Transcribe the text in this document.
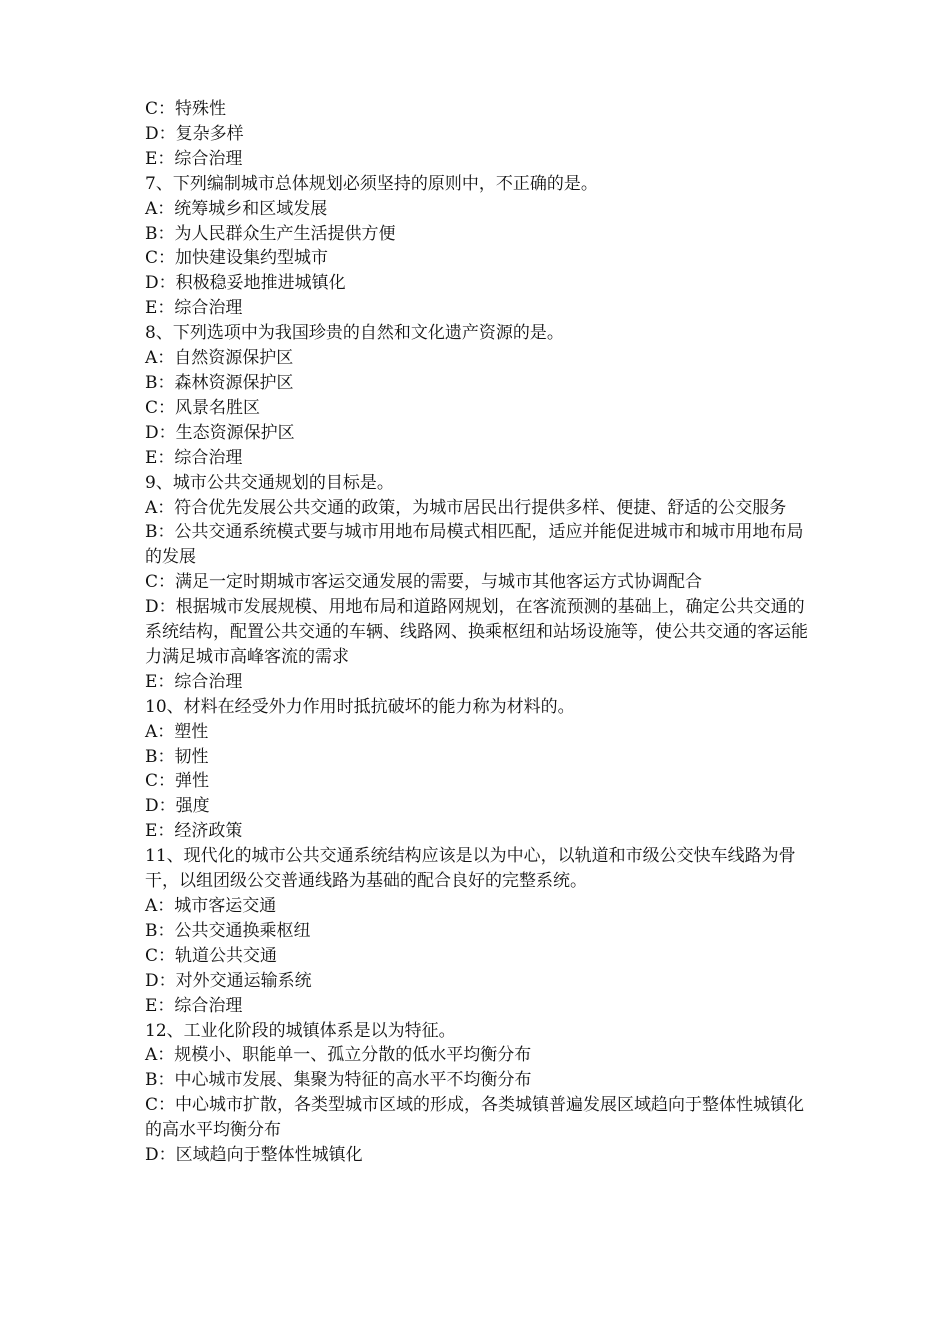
C：特殊性
D：复杂多样
E：综合治理
7、下列编制城市总体规划必须坚持的原则中，不正确的是。
A：统筹城乡和区域发展
B：为人民群众生产生活提供方便
C：加快建设集约型城市
D：积极稳妥地推进城镇化
E：综合治理
8、下列选项中为我国珍贵的自然和文化遗产资源的是。
A：自然资源保护区
B：森林资源保护区
C：风景名胜区
D：生态资源保护区
E：综合治理
9、城市公共交通规划的目标是。
A：符合优先发展公共交通的政策，为城市居民出行提供多样、便捷、舒适的公交服务
B：公共交通系统模式要与城市用地布局模式相匹配，适应并能促进城市和城市用地布局的发展
C：满足一定时期城市客运交通发展的需要，与城市其他客运方式协调配合
D：根据城市发展规模、用地布局和道路网规划，在客流预测的基础上，确定公共交通的系统结构，配置公共交通的车辆、线路网、换乘枢纽和站场设施等，使公共交通的客运能力满足城市高峰客流的需求
E：综合治理
10、材料在经受外力作用时抵抗破坏的能力称为材料的。
A：塑性
B：韧性
C：弹性
D：强度
E：经济政策
11、现代化的城市公共交通系统结构应该是以为中心，以轨道和市级公交快车线路为骨干，以组团级公交普通线路为基础的配合良好的完整系统。
A：城市客运交通
B：公共交通换乘枢纽
C：轨道公共交通
D：对外交通运输系统
E：综合治理
12、工业化阶段的城镇体系是以为特征。
A：规模小、职能单一、孤立分散的低水平均衡分布
B：中心城市发展、集聚为特征的高水平不均衡分布
C：中心城市扩散，各类型城市区域的形成，各类城镇普遍发展区域趋向于整体性城镇化的高水平均衡分布
D：区域趋向于整体性城镇化
